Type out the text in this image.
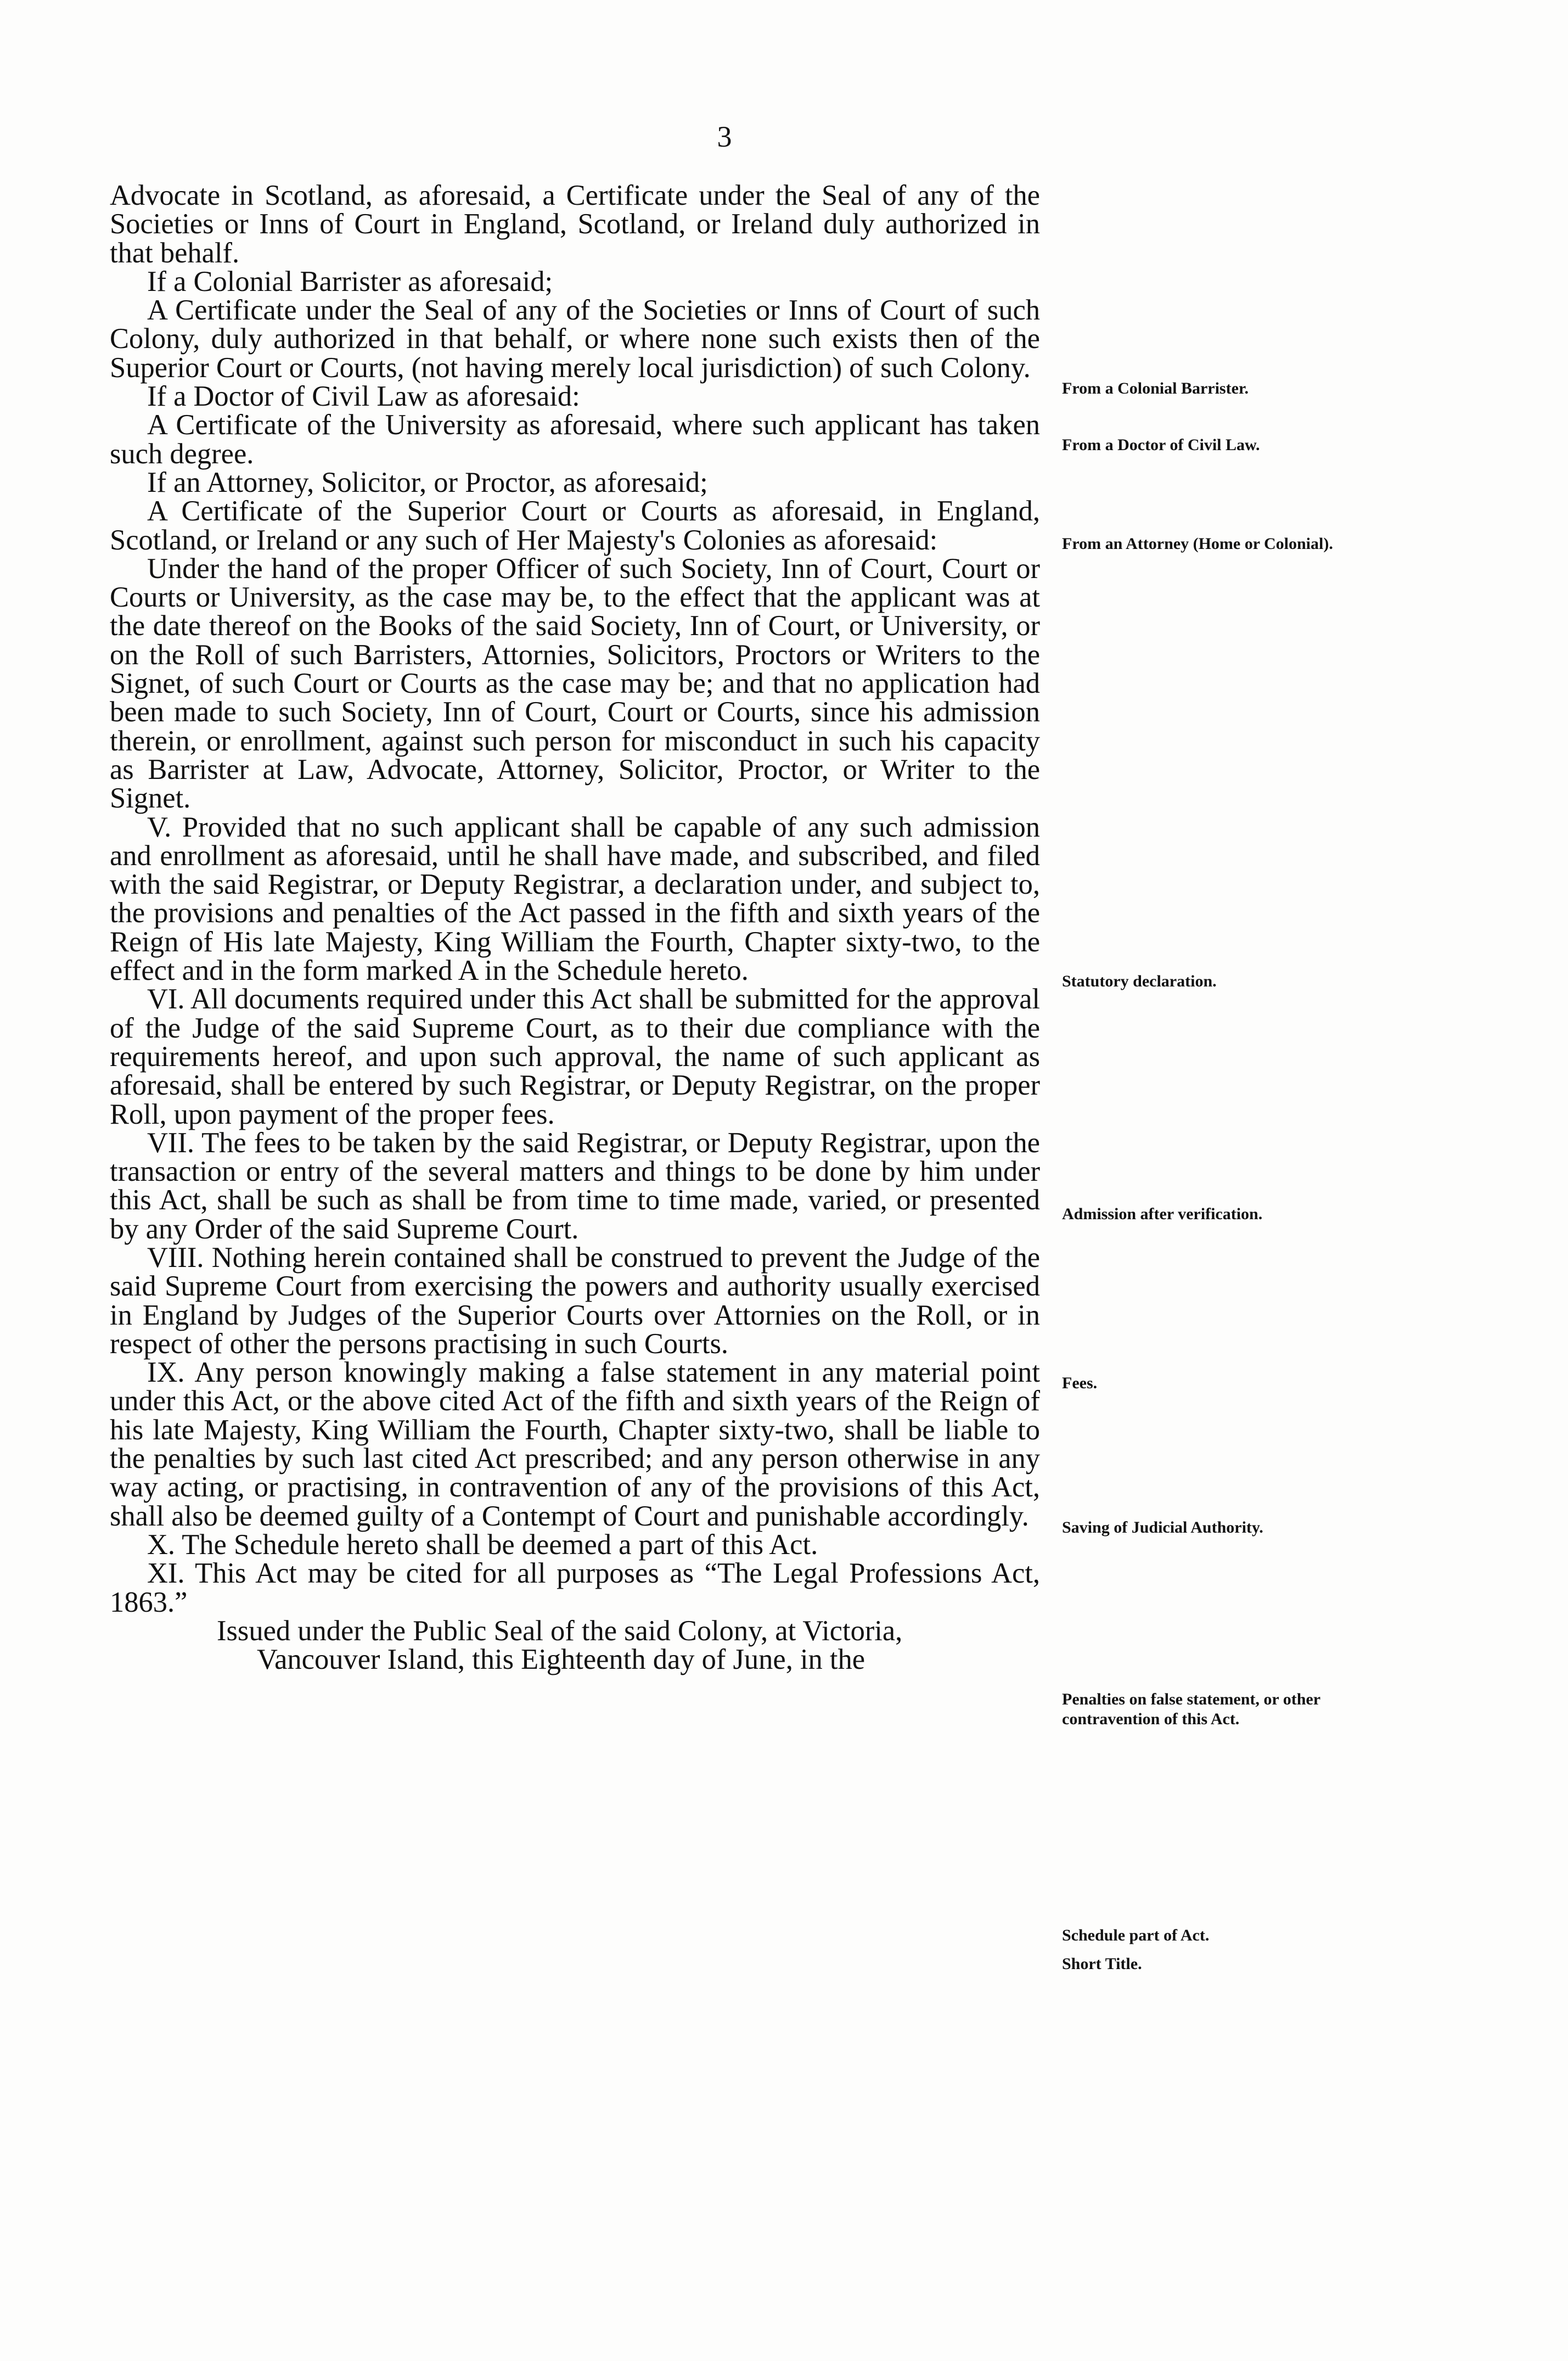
3

Advocate in Scotland, as aforesaid, a Certificate under the Seal of any of the Societies or Inns of Court in England, Scotland, or Ireland duly authorized in that behalf.

If a Colonial Barrister as aforesaid;

A Certificate under the Seal of any of the Societies or Inns of Court of such Colony, duly authorized in that behalf, or where none such exists then of the Superior Court or Courts, (not having merely local jurisdiction) of such Colony.

If a Doctor of Civil Law as aforesaid:

A Certificate of the University as aforesaid, where such applicant has taken such degree.

If an Attorney, Solicitor, or Proctor, as aforesaid;

A Certificate of the Superior Court or Courts as aforesaid, in England, Scotland, or Ireland or any such of Her Majesty's Colonies as aforesaid:

Under the hand of the proper Officer of such Society, Inn of Court, Court or Courts or University, as the case may be, to the effect that the applicant was at the date thereof on the Books of the said Society, Inn of Court, or University, or on the Roll of such Barristers, Attornies, Solicitors, Proctors or Writers to the Signet, of such Court or Courts as the case may be; and that no application had been made to such Society, Inn of Court, Court or Courts, since his admission therein, or enrollment, against such person for misconduct in such his capacity as Barrister at Law, Advocate, Attorney, Solicitor, Proctor, or Writer to the Signet.

V. Provided that no such applicant shall be capable of any such admission and enrollment as aforesaid, until he shall have made, and subscribed, and filed with the said Registrar, or Deputy Registrar, a declaration under, and subject to, the provisions and penalties of the Act passed in the fifth and sixth years of the Reign of His late Majesty, King William the Fourth, Chapter sixty-two, to the effect and in the form marked A in the Schedule hereto.

VI. All documents required under this Act shall be submitted for the approval of the Judge of the said Supreme Court, as to their due compliance with the requirements hereof, and upon such approval, the name of such applicant as aforesaid, shall be entered by such Registrar, or Deputy Registrar, on the proper Roll, upon payment of the proper fees.

VII. The fees to be taken by the said Registrar, or Deputy Registrar, upon the transaction or entry of the several matters and things to be done by him under this Act, shall be such as shall be from time to time made, varied, or presented by any Order of the said Supreme Court.

VIII. Nothing herein contained shall be construed to prevent the Judge of the said Supreme Court from exercising the powers and authority usually exercised in England by Judges of the Superior Courts over Attornies on the Roll, or in respect of other the persons practising in such Courts.

IX. Any person knowingly making a false statement in any material point under this Act, or the above cited Act of the fifth and sixth years of the Reign of his late Majesty, King William the Fourth, Chapter sixty-two, shall be liable to the penalties by such last cited Act prescribed; and any person otherwise in any way acting, or practising, in contravention of any of the provisions of this Act, shall also be deemed guilty of a Contempt of Court and punishable accordingly.

X. The Schedule hereto shall be deemed a part of this Act.

XI. This Act may be cited for all purposes as “The Legal Professions Act, 1863.”

Issued under the Public Seal of the said Colony, at Victoria,

Vancouver Island, this Eighteenth day of June, in the

From a Colonial Barrister.
From a Doctor of Civil Law.
From an Attorney (Home or Colonial).
Statutory declaration.
Admission after verification.
Fees.
Saving of Judicial Authority.
Penalties on false statement, or other contravention of this Act.
Schedule part of Act.
Short Title.
